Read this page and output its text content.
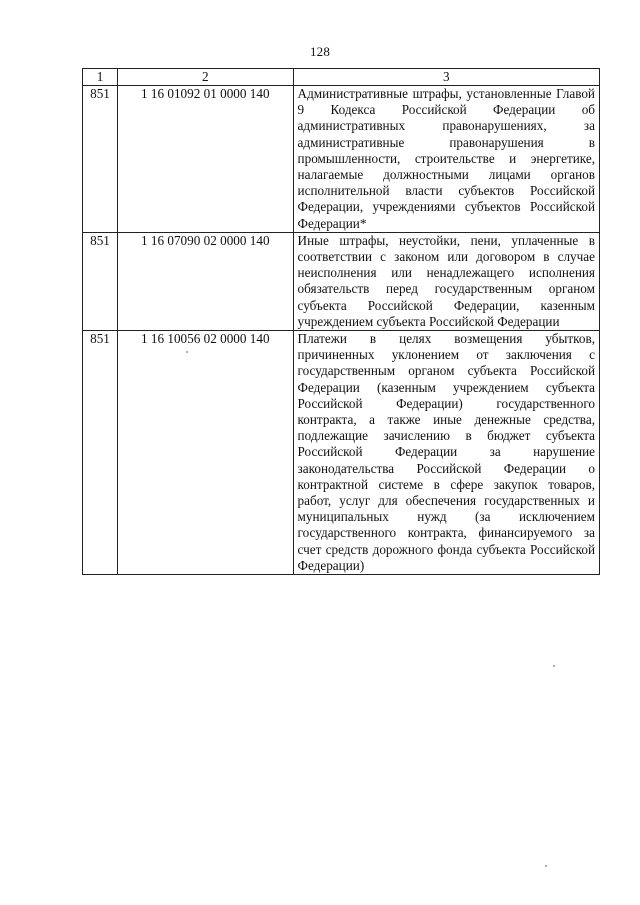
128
1	2	3
851	1 16 01092 01 0000 140	Административные штрафы, установленные Главой 9 Кодекса Российской Федерации об административных правонарушениях, за административные правонарушения в промышленности, строительстве и энергетике, налагаемые должностными лицами органов исполнительной власти субъектов Российской Федерации, учреждениями субъектов Российской Федерации*
851	1 16 07090 02 0000 140	Иные штрафы, неустойки, пени, уплаченные в соответствии с законом или договором в случае неисполнения или ненадлежащего исполнения обязательств перед государственным органом субъекта Российской Федерации, казенным учреждением субъекта Российской Федерации
851	1 16 10056 02 0000 140	Платежи в целях возмещения убытков, причиненных уклонением от заключения с государственным органом субъекта Российской Федерации (казенным учреждением субъекта Российской Федерации) государственного контракта, а также иные денежные средства, подлежащие зачислению в бюджет субъекта Российской Федерации за нарушение законодательства Российской Федерации о контрактной системе в сфере закупок товаров, работ, услуг для обеспечения государственных и муниципальных нужд (за исключением государственного контракта, финансируемого за счет средств дорожного фонда субъекта Российской Федерации)
